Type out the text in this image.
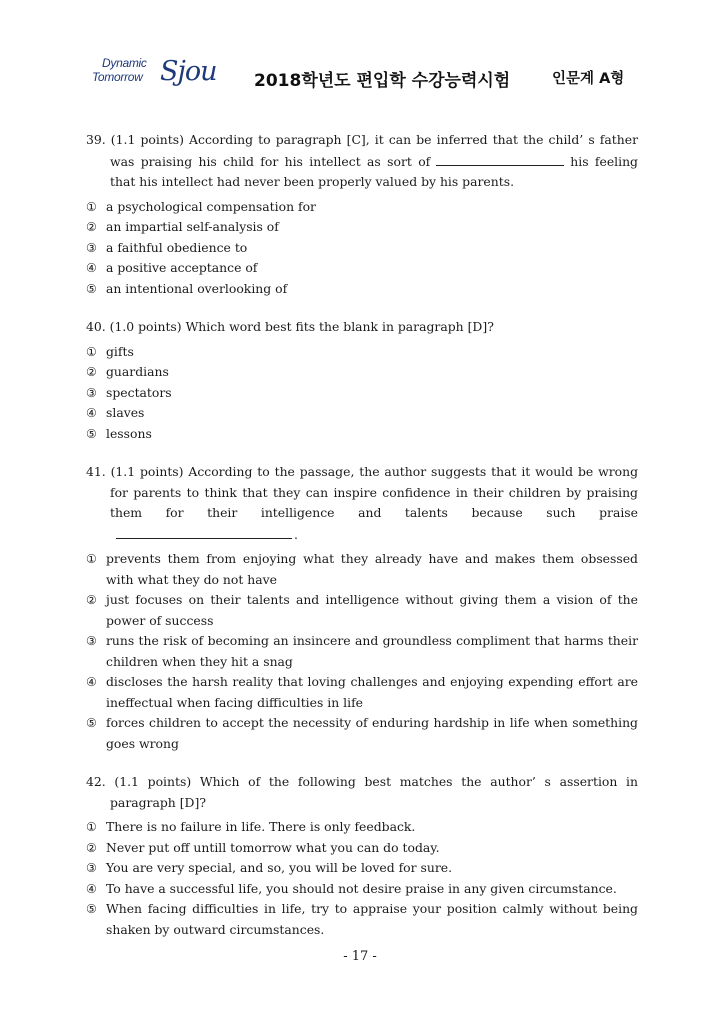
Dynamic
Tomorrow Sjou 2018학년도 편입학 수강능력시험	인문계 A형

39. (1.1 points) According to paragraph [C], it can be inferred that the child’ s father was praising his child for his intellect as sort of	his feeling that his intellect had never been properly valued by his parents.

① a psychological compensation for
② an impartial self-analysis of
③ a faithful obedience to
④ a positive acceptance of
⑤ an intentional overlooking of

40. (1.0 points) Which word best fits the blank in paragraph [D]?

① gifts
② guardians
③ spectators
④ slaves
⑤ lessons

41. (1.1 points) According to the passage, the author suggests that it would be wrong for parents to think that they can inspire confidence in their children by praising them for their intelligence and talents because such praise.

① prevents them from enjoying what they already have and makes them obsessed with what they do not have
② just focuses on their talents and intelligence without giving them a vision of the power of success
③ runs the risk of becoming an insincere and groundless compliment that harms their children when they hit a snag
④ discloses the harsh reality that loving challenges and enjoying expending effort are ineffectual when facing difficulties in life
⑤ forces children to accept the necessity of enduring hardship in life when something goes wrong

42. (1.1 points) Which of the following best matches the author’ s assertion in paragraph [D]?

① There is no failure in life. There is only feedback.
② Never put off untill tomorrow what you can do today.
③ You are very special, and so, you will be loved for sure.
④ To have a successful life, you should not desire praise in any given circumstance.
⑤ When facing difficulties in life, try to appraise your position calmly without being shaken by outward circumstances.
- 17 -
